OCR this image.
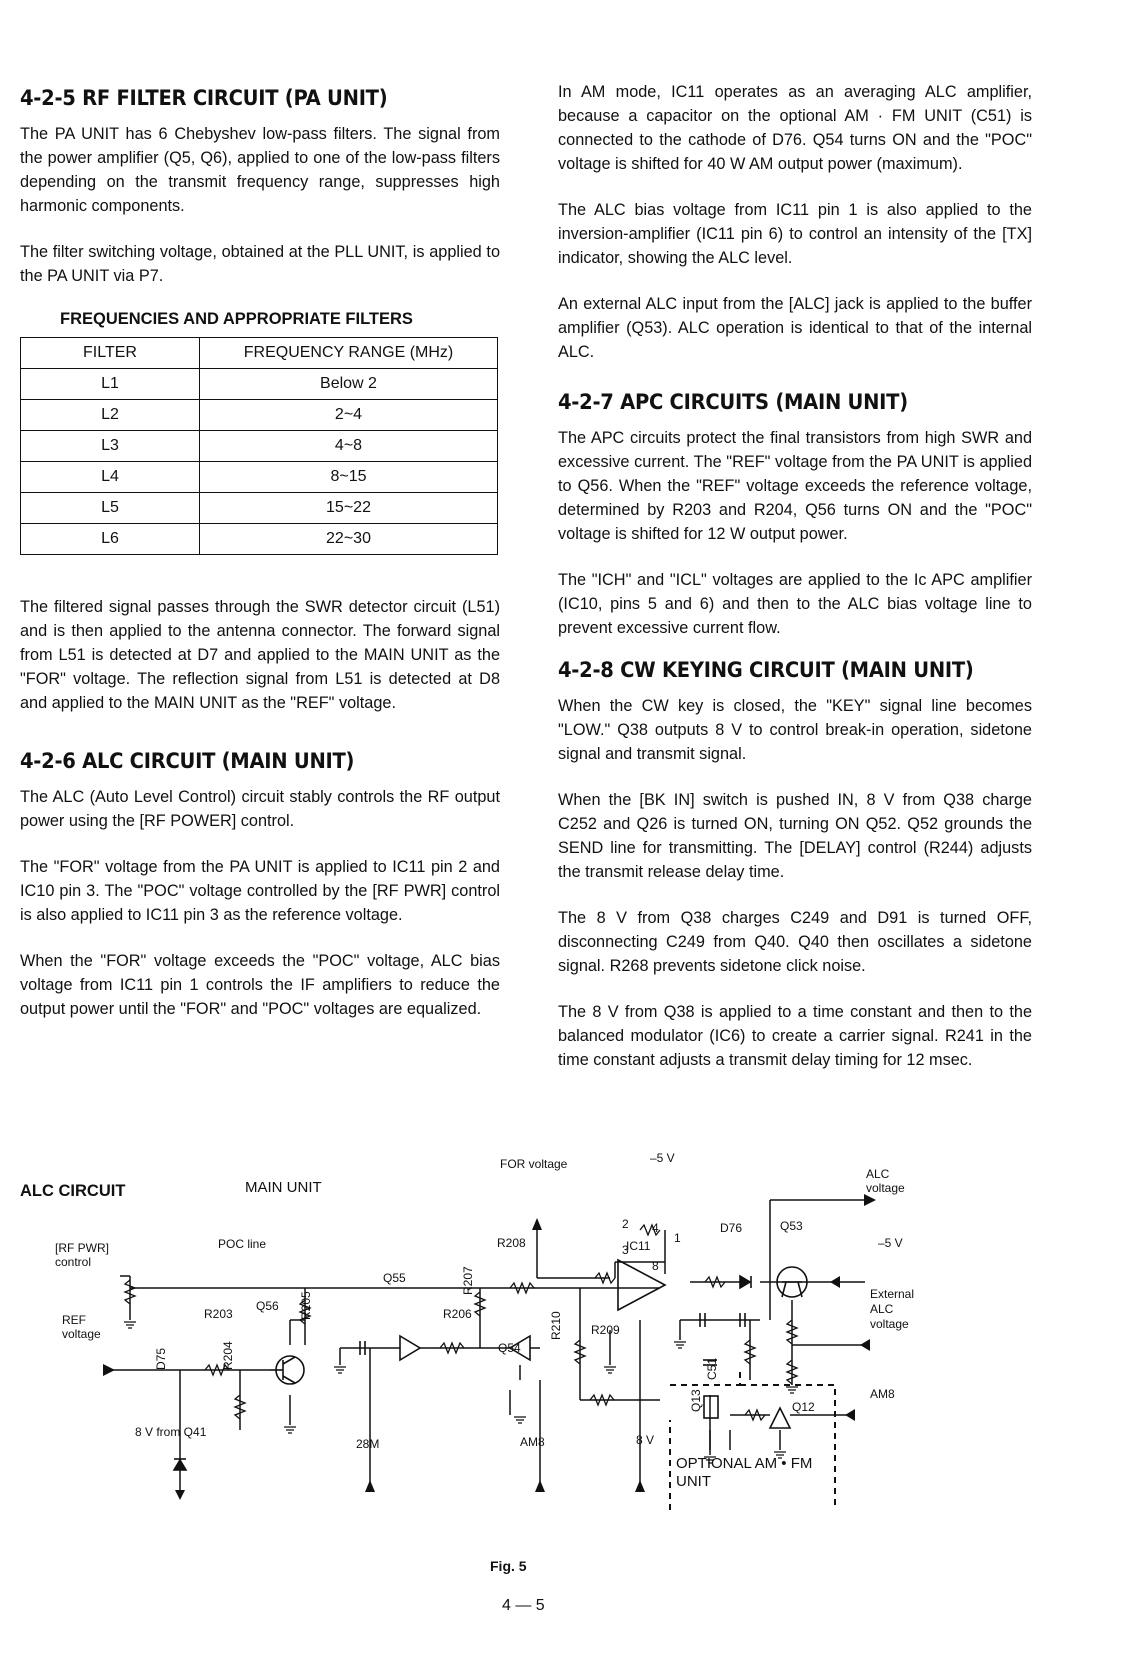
4-2-5 RF FILTER CIRCUIT (PA UNIT)

The PA UNIT has 6 Chebyshev low-pass filters. The signal from the power amplifier (Q5, Q6), applied to one of the low-pass filters depending on the transmit frequency range, suppresses high harmonic components.

The filter switching voltage, obtained at the PLL UNIT, is applied to the PA UNIT via P7.

FREQUENCIES AND APPROPRIATE FILTERS
FILTER	FREQUENCY RANGE (MHz)
L1	Below 2
L2	2~4
L3	4~8
L4	8~15
L5	15~22
L6	22~30

The filtered signal passes through the SWR detector circuit (L51) and is then applied to the antenna connector. The forward signal from L51 is detected at D7 and applied to the MAIN UNIT as the "FOR" voltage. The reflection signal from L51 is detected at D8 and applied to the MAIN UNIT as the "REF" voltage.

4-2-6 ALC CIRCUIT (MAIN UNIT)

The ALC (Auto Level Control) circuit stably controls the RF output power using the [RF POWER] control.

The "FOR" voltage from the PA UNIT is applied to IC11 pin 2 and IC10 pin 3. The "POC" voltage controlled by the [RF PWR] control is also applied to IC11 pin 3 as the reference voltage.

When the "FOR" voltage exceeds the "POC" voltage, ALC bias voltage from IC11 pin 1 controls the IF amplifiers to reduce the output power until the "FOR" and "POC" voltages are equalized.

In AM mode, IC11 operates as an averaging ALC amplifier, because a capacitor on the optional AM · FM UNIT (C51) is connected to the cathode of D76. Q54 turns ON and the "POC" voltage is shifted for 40 W AM output power (maximum).

The ALC bias voltage from IC11 pin 1 is also applied to the inversion-amplifier (IC11 pin 6) to control an intensity of the [TX] indicator, showing the ALC level.

An external ALC input from the [ALC] jack is applied to the buffer amplifier (Q53). ALC operation is identical to that of the internal ALC.

4-2-7 APC CIRCUITS (MAIN UNIT)

The APC circuits protect the final transistors from high SWR and excessive current. The "REF" voltage from the PA UNIT is applied to Q56. When the "REF" voltage exceeds the reference voltage, determined by R203 and R204, Q56 turns ON and the "POC" voltage is shifted for 12 W output power.

The "ICH" and "ICL" voltages are applied to the Ic APC amplifier (IC10, pins 5 and 6) and then to the ALC bias voltage line to prevent excessive current flow.

4-2-8 CW KEYING CIRCUIT (MAIN UNIT)

When the CW key is closed, the "KEY" signal line becomes "LOW." Q38 outputs 8 V to control break-in operation, sidetone signal and transmit signal.

When the [BK IN] switch is pushed IN, 8 V from Q38 charge C252 and Q26 is turned ON, turning ON Q52. Q52 grounds the SEND line for transmitting. The [DELAY] control (R244) adjusts the transmit release delay time.

The 8 V from Q38 charges C249 and D91 is turned OFF, disconnecting C249 from Q40. Q40 then oscillates a sidetone signal. R268 prevents sidetone click noise.

The 8 V from Q38 is applied to a time constant and then to the balanced modulator (IC6) to create a carrier signal. R241 in the time constant adjusts a transmit delay timing for 12 msec.

ALC CIRCUIT	MAIN UNIT
[RF PWR]
control
POC line
REF
voltage
8 V from Q41
FOR voltage	–5 V
ALC
voltage
–5 V
External
ALC
voltage
AM8
AM8
28M	8 V
OPTIONAL AM • FM
UNIT
Q55
Q56
Q54
Q53
Q12
IC11
D76
R203	R206
R208
R209
2
3
4
1
8
D75	R204
R205
R207
R210
C51
Q13
Fig. 5
4 — 5
